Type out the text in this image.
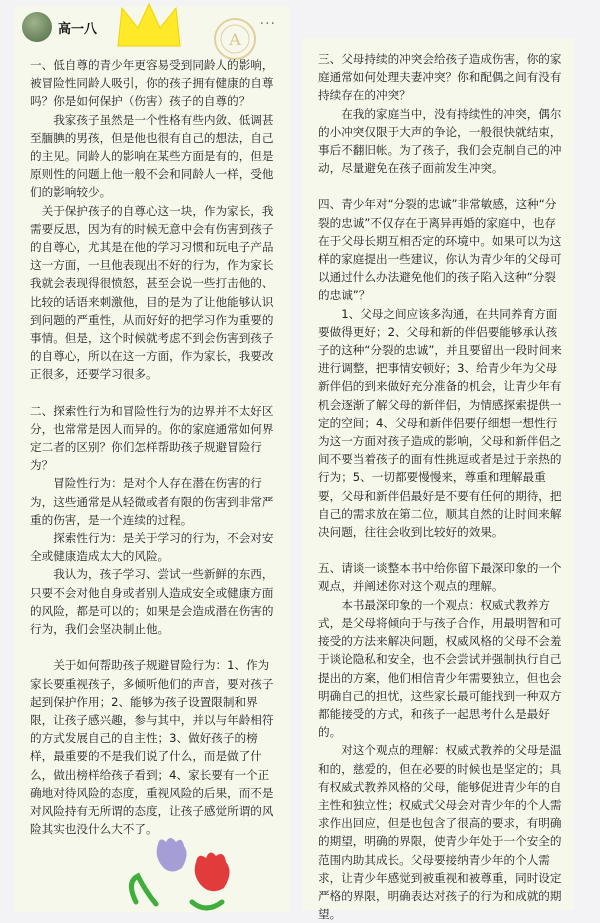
高一八	···
A

一、低自尊的青少年更容易受到同龄人的影响，被冒险性同龄人吸引，你的孩子拥有健康的自尊吗？你是如何保护（伤害）孩子的自尊的？

　　我家孩子虽然是一个性格有些内敛、低调甚至腼腆的男孩，但是他也很有自己的想法，自己的主见。同龄人的影响在某些方面是有的，但是原则性的问题上他一般不会和同龄人一样，受他们的影响较少。

　关于保护孩子的自尊心这一块，作为家长，我需要反思，因为有的时候无意中会有伤害到孩子的自尊心，尤其是在他的学习习惯和玩电子产品这一方面，一旦他表现出不好的行为，作为家长我就会表现得很愤怒，甚至会说一些打击他的、比较的话语来刺激他，目的是为了让他能够认识到问题的严重性，从而好好的把学习作为重要的事情。但是，这个时候就考虑不到会伤害到孩子的自尊心，所以在这一方面，作为家长，我要改正很多，还要学习很多。

二、探索性行为和冒险性行为的边界并不太好区分，也常常是因人而异的。你的家庭通常如何界定二者的区别？你们怎样帮助孩子规避冒险行为？

　　冒险性行为：是对个人存在潜在伤害的行为，这些通常是从轻微或者有限的伤害到非常严重的伤害，是一个连续的过程。

　　探索性行为：是关于学习的行为，不会对安全或健康造成太大的风险。

　　我认为，孩子学习、尝试一些新鲜的东西，只要不会对他自身或者别人造成安全或健康方面的风险，都是可以的；如果是会造成潜在伤害的行为，我们会坚决制止他。

　　关于如何帮助孩子规避冒险行为：1、作为家长要重视孩子，多倾听他们的声音，要对孩子起到保护作用；2、能够为孩子设置限制和界限，让孩子感兴趣，参与其中，并以与年龄相符的方式发展自己的自主性；3、做好孩子的榜样，最重要的不是我们说了什么，而是做了什么，做出榜样给孩子看到；4、家长要有一个正确地对待风险的态度，重视风险的后果，而不是对风险持有无所谓的态度，让孩子感觉所谓的风险其实也没什么大不了。

三、父母持续的冲突会给孩子造成伤害，你的家庭通常如何处理夫妻冲突？你和配偶之间有没有持续存在的冲突？

　　在我的家庭当中，没有持续性的冲突，偶尔的小冲突仅限于大声的争论，一般很快就结束，事后不翻旧帐。为了孩子，我们会克制自己的冲动，尽量避免在孩子面前发生冲突。

四、青少年对“分裂的忠诚”非常敏感，这种“分裂的忠诚”不仅存在于离异再婚的家庭中，也存在于父母长期互相否定的环境中。如果可以为这样的家庭提出一些建议，你认为青少年的父母可以通过什么办法避免他们的孩子陷入这种“分裂的忠诚”？

　　1、父母之间应该多沟通，在共同养育方面要做得更好；2、父母和新的伴侣要能够承认孩子的这种“分裂的忠诚”，并且要留出一段时间来进行调整，把事情安顿好；3、给青少年为父母新伴侣的到来做好充分准备的机会，让青少年有机会逐渐了解父母的新伴侣，为情感探索提供一定的空间；4、父母和新伴侣要仔细想一想性行为这一方面对孩子造成的影响，父母和新伴侣之间不要当着孩子的面有性挑逗或者是过于亲热的行为；5、一切都要慢慢来，尊重和理解最重要，父母和新伴侣最好是不要有任何的期待，把自己的需求放在第二位，顺其自然的让时间来解决问题，往往会收到比较好的效果。

五、请谈一谈整本书中给你留下最深印象的一个观点，并阐述你对这个观点的理解。

　　本书最深印象的一个观点：权威式教养方式，是父母将倾向于与孩子合作，用最明智和可接受的方法来解决问题，权威风格的父母不会羞于谈论隐私和安全，也不会尝试并强制执行自己提出的方案，他们相信青少年需要独立，但也会明确自己的担忧，这些家长最可能找到一种双方都能接受的方式，和孩子一起思考什么是最好的。

　　对这个观点的理解：权威式教养的父母是温和的，慈爱的，但在必要的时候也是坚定的；具有权威式教养风格的父母，能够促进青少年的自主性和独立性；权威式父母会对青少年的个人需求作出回应，但是也包含了很高的要求，有明确的期望，明确的界限，使青少年处于一个安全的范围内助其成长。父母要接纳青少年的个人需求，让青少年感觉到被重视和被尊重，同时设定严格的界限，明确表达对孩子的行为和成就的期望。
